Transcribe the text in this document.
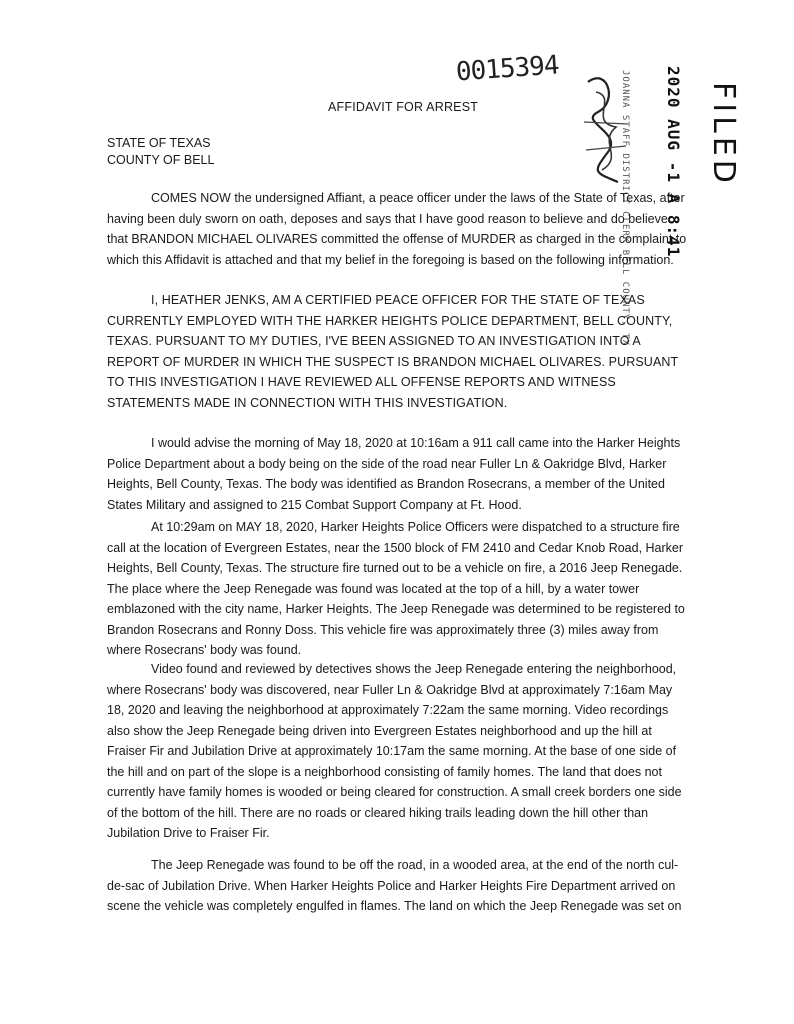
0015394
AFFIDAVIT FOR ARREST
STATE OF TEXAS
COUNTY OF BELL	JOANNA STAFF DISTRICT CLERK BELL COUNTY, TX 2020 AUG -1 A 8:41 FILED
COMES NOW the undersigned Affiant, a peace officer under the laws of the State of Texas, after having been duly sworn on oath, deposes and says that I have good reason to believe and do believe that BRANDON MICHAEL OLIVARES committed the offense of MURDER as charged in the complaint to which this Affidavit is attached and that my belief in the foregoing is based on the following information.
I, HEATHER JENKS, AM A CERTIFIED PEACE OFFICER FOR THE STATE OF TEXAS CURRENTLY EMPLOYED WITH THE HARKER HEIGHTS POLICE DEPARTMENT, BELL COUNTY, TEXAS. PURSUANT TO MY DUTIES, I'VE BEEN ASSIGNED TO AN INVESTIGATION INTO A REPORT OF MURDER IN WHICH THE SUSPECT IS BRANDON MICHAEL OLIVARES. PURSUANT TO THIS INVESTIGATION I HAVE REVIEWED ALL OFFENSE REPORTS AND WITNESS STATEMENTS MADE IN CONNECTION WITH THIS INVESTIGATION.
I would advise the morning of May 18, 2020 at 10:16am a 911 call came into the Harker Heights Police Department about a body being on the side of the road near Fuller Ln & Oakridge Blvd, Harker Heights, Bell County, Texas. The body was identified as Brandon Rosecrans, a member of the United States Military and assigned to 215 Combat Support Company at Ft. Hood.
At 10:29am on MAY 18, 2020, Harker Heights Police Officers were dispatched to a structure fire call at the location of Evergreen Estates, near the 1500 block of FM 2410 and Cedar Knob Road, Harker Heights, Bell County, Texas. The structure fire turned out to be a vehicle on fire, a 2016 Jeep Renegade. The place where the Jeep Renegade was found was located at the top of a hill, by a water tower emblazoned with the city name, Harker Heights. The Jeep Renegade was determined to be registered to Brandon Rosecrans and Ronny Doss. This vehicle fire was approximately three (3) miles away from where Rosecrans' body was found.
Video found and reviewed by detectives shows the Jeep Renegade entering the neighborhood, where Rosecrans' body was discovered, near Fuller Ln & Oakridge Blvd at approximately 7:16am May 18, 2020 and leaving the neighborhood at approximately 7:22am the same morning. Video recordings also show the Jeep Renegade being driven into Evergreen Estates neighborhood and up the hill at Fraiser Fir and Jubilation Drive at approximately 10:17am the same morning. At the base of one side of the hill and on part of the slope is a neighborhood consisting of family homes. The land that does not currently have family homes is wooded or being cleared for construction. A small creek borders one side of the bottom of the hill. There are no roads or cleared hiking trails leading down the hill other than Jubilation Drive to Fraiser Fir.
The Jeep Renegade was found to be off the road, in a wooded area, at the end of the north cul-de-sac of Jubilation Drive. When Harker Heights Police and Harker Heights Fire Department arrived on scene the vehicle was completely engulfed in flames. The land on which the Jeep Renegade was set on
